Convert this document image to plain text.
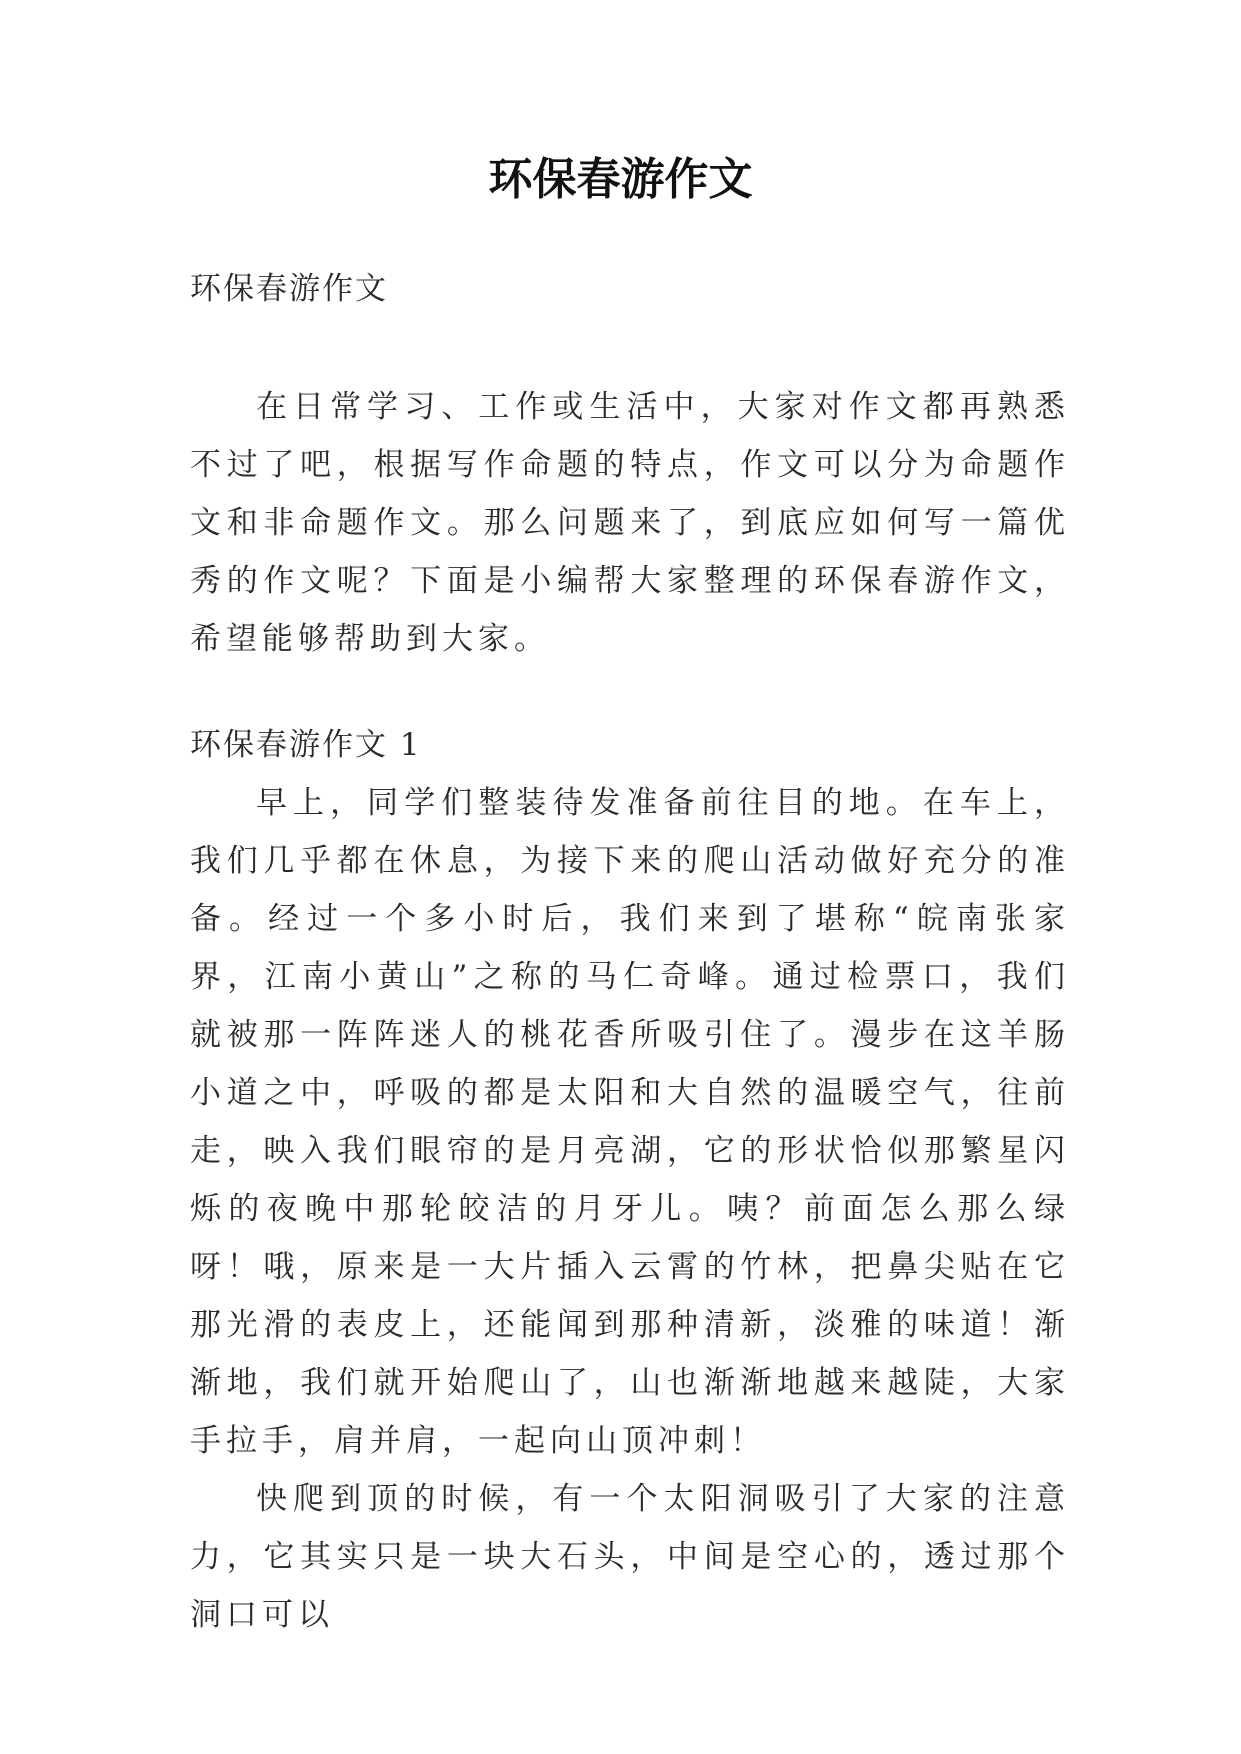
环保春游作文

环保春游作文

在日常学习、工作或生活中，大家对作文都再熟悉不过了吧，根据写作命题的特点，作文可以分为命题作文和非命题作文。那么问题来了，到底应如何写一篇优秀的作文呢？下面是小编帮大家整理的环保春游作文，希望能够帮助到大家。

环保春游作文 1

早上，同学们整装待发准备前往目的地。在车上，我们几乎都在休息，为接下来的爬山活动做好充分的准备。经过一个多小时后，我们来到了堪称“皖南张家界，江南小黄山”之称的马仁奇峰。通过检票口，我们就被那一阵阵迷人的桃花香所吸引住了。漫步在这羊肠小道之中，呼吸的都是太阳和大自然的温暖空气，往前走，映入我们眼帘的是月亮湖，它的形状恰似那繁星闪烁的夜晚中那轮皎洁的月牙儿。咦？前面怎么那么绿呀！哦，原来是一大片插入云霄的竹林，把鼻尖贴在它那光滑的表皮上，还能闻到那种清新，淡雅的味道！渐渐地，我们就开始爬山了，山也渐渐地越来越陡，大家手拉手，肩并肩，一起向山顶冲刺！

快爬到顶的时候，有一个太阳洞吸引了大家的注意力，它其实只是一块大石头，中间是空心的，透过那个洞口可以
